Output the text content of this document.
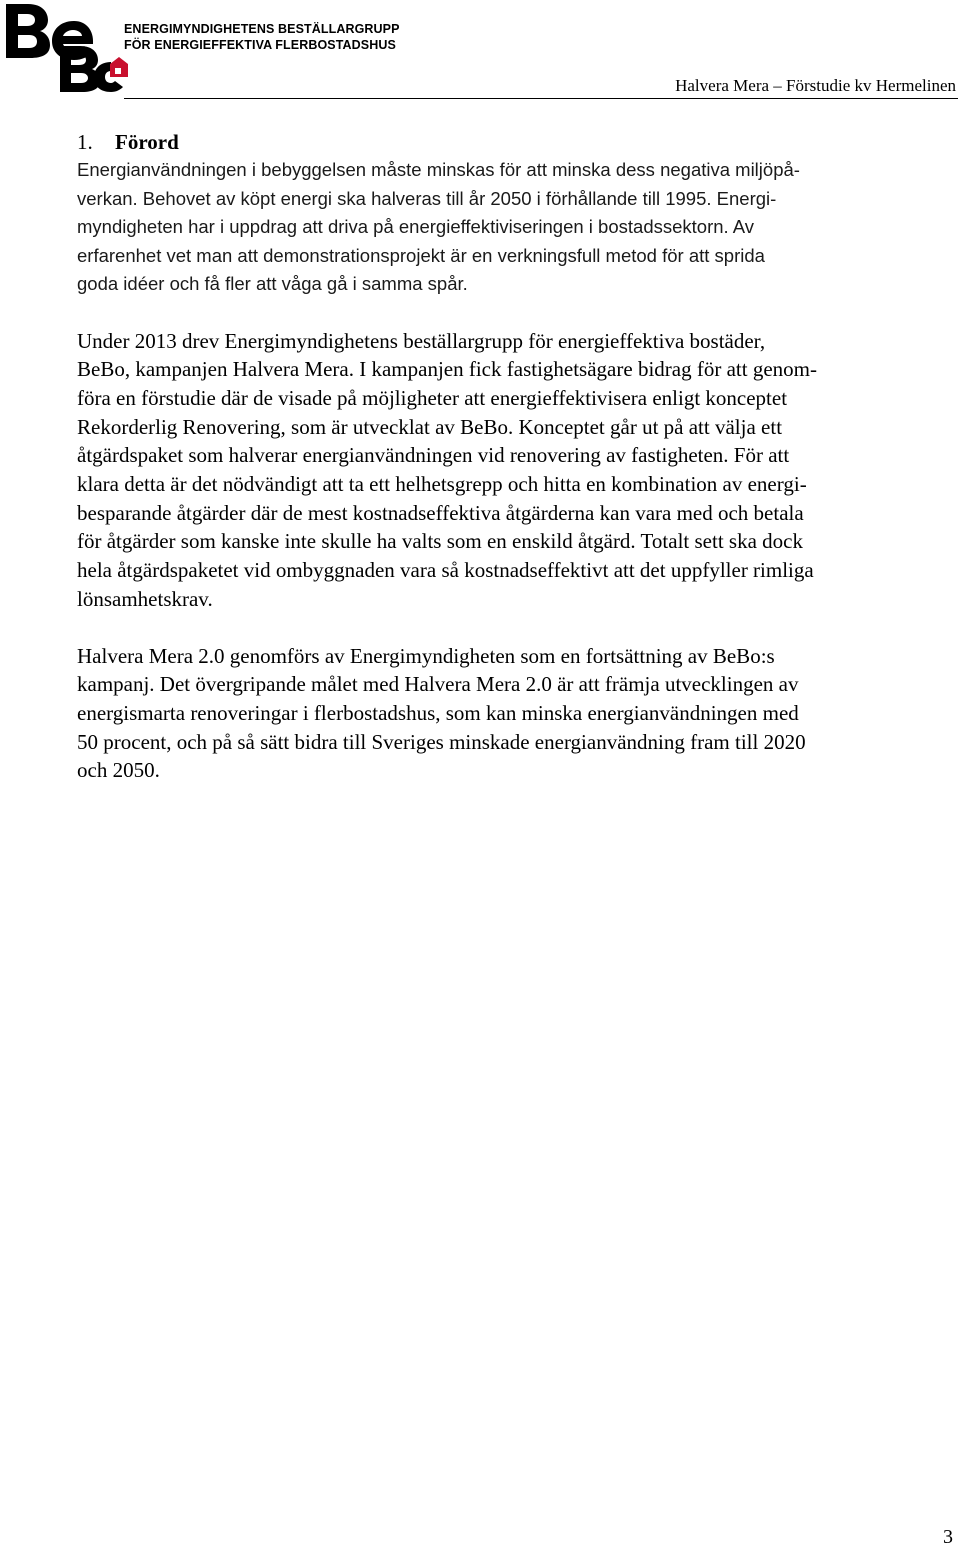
ENERGIMYNDIGHETENS BESTÄLLARGRUPP
FÖR ENERGIEFFEKTIVA FLERBOSTADSHUS
Halvera Mera – Förstudie kv Hermelinen
1. Förord
Energianvändningen i bebyggelsen måste minskas för att minska dess negativa miljöpå-
verkan. Behovet av köpt energi ska halveras till år 2050 i förhållande till 1995. Energi-
myndigheten har i uppdrag att driva på energieffektiviseringen i bostadssektorn. Av
erfarenhet vet man att demonstrationsprojekt är en verkningsfull metod för att sprida
goda idéer och få fler att våga gå i samma spår.
Under 2013 drev Energimyndighetens beställargrupp för energieffektiva bostäder,
BeBo, kampanjen Halvera Mera. I kampanjen fick fastighetsägare bidrag för att genom-
föra en förstudie där de visade på möjligheter att energieffektivisera enligt konceptet
Rekorderlig Renovering, som är utvecklat av BeBo. Konceptet går ut på att välja ett
åtgärdspaket som halverar energianvändningen vid renovering av fastigheten. För att
klara detta är det nödvändigt att ta ett helhetsgrepp och hitta en kombination av energi-
besparande åtgärder där de mest kostnadseffektiva åtgärderna kan vara med och betala
för åtgärder som kanske inte skulle ha valts som en enskild åtgärd. Totalt sett ska dock
hela åtgärdspaketet vid ombyggnaden vara så kostnadseffektivt att det uppfyller rimliga
lönsamhetskrav.
Halvera Mera 2.0 genomförs av Energimyndigheten som en fortsättning av BeBo:s
kampanj. Det övergripande målet med Halvera Mera 2.0 är att främja utvecklingen av
energismarta renoveringar i flerbostadshus, som kan minska energianvändningen med
50 procent, och på så sätt bidra till Sveriges minskade energianvändning fram till 2020
och 2050.
3
